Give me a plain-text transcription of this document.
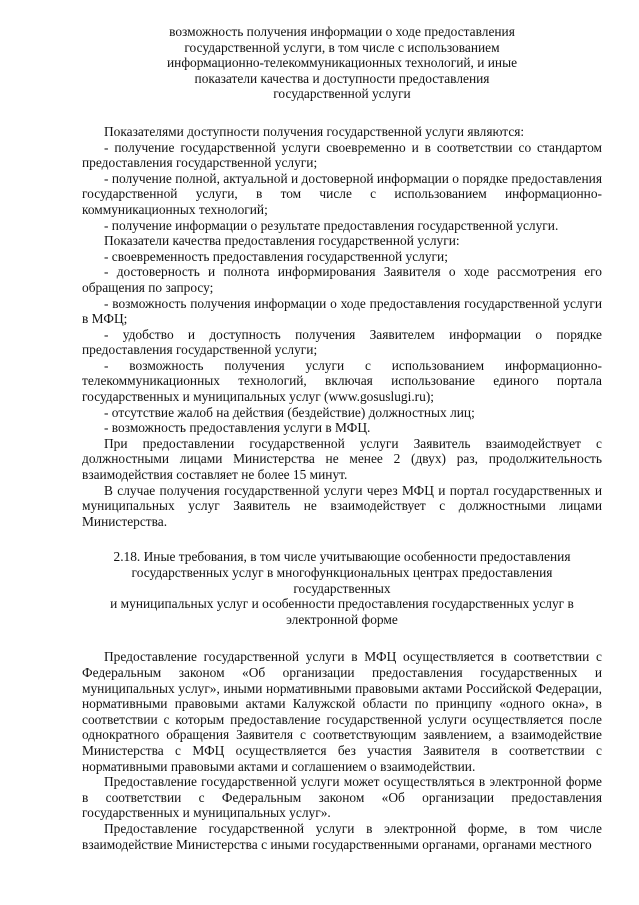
возможность получения информации о ходе предоставления
государственной услуги, в том числе с использованием
информационно-телекоммуникационных технологий, и иные
показатели качества и доступности предоставления
государственной услуги

Показателями доступности получения государственной услуги являются:

- получение государственной услуги своевременно и в соответствии со стандартом предоставления государственной услуги;

- получение полной, актуальной и достоверной информации о порядке предоставления государственной услуги, в том числе с использованием информационно-коммуникационных технологий;

- получение информации о результате предоставления государственной услуги.

Показатели качества предоставления государственной услуги:

- своевременность предоставления государственной услуги;

- достоверность и полнота информирования Заявителя о ходе рассмотрения его обращения по запросу;

- возможность получения информации о ходе предоставления государственной услуги в МФЦ;

- удобство и доступность получения Заявителем информации о порядке предоставления государственной услуги;

- возможность получения услуги с использованием информационно-телекоммуникационных технологий, включая использование единого портала государственных и муниципальных услуг (www.gosuslugi.ru);

- отсутствие жалоб на действия (бездействие) должностных лиц;

- возможность предоставления услуги в МФЦ.

При предоставлении государственной услуги Заявитель взаимодействует с должностными лицами Министерства не менее 2 (двух) раз, продолжительность взаимодействия составляет не более 15 минут.

В случае получения государственной услуги через МФЦ и портал государственных и муниципальных услуг Заявитель не взаимодействует с должностными лицами Министерства.

2.18. Иные требования, в том числе учитывающие особенности предоставления
государственных услуг в многофункциональных центрах предоставления государственных
и муниципальных услуг и особенности предоставления государственных услуг в
электронной форме

Предоставление государственной услуги в МФЦ осуществляется в соответствии с Федеральным законом «Об организации предоставления государственных и муниципальных услуг», иными нормативными правовыми актами Российской Федерации, нормативными правовыми актами Калужской области по принципу «одного окна», в соответствии с которым предоставление государственной услуги осуществляется после однократного обращения Заявителя с соответствующим заявлением, а взаимодействие Министерства с МФЦ осуществляется без участия Заявителя в соответствии с нормативными правовыми актами и соглашением о взаимодействии.

Предоставление государственной услуги может осуществляться в электронной форме в соответствии с Федеральным законом «Об организации предоставления государственных и муниципальных услуг».

Предоставление государственной услуги в электронной форме, в том числе взаимодействие Министерства с иными государственными органами, органами местного
